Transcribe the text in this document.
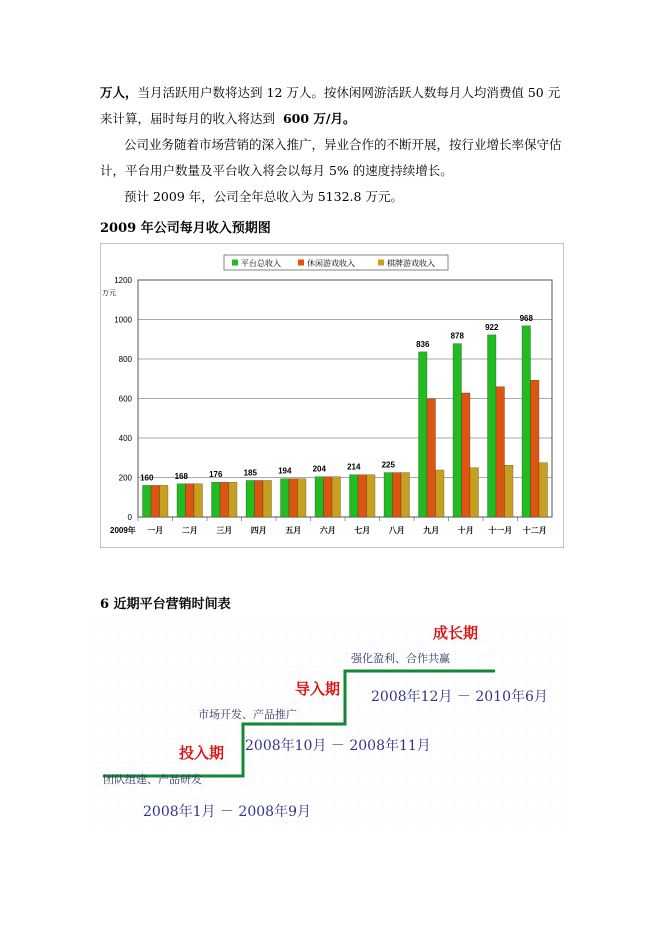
万人，当月活跃用户数将达到 12 万人。按休闲网游活跃人数每月人均消费值 50 元来计算，届时每月的收入将达到 600 万/月。
公司业务随着市场营销的深入推广，异业合作的不断开展，按行业增长率保守估计，平台用户数量及平台收入将会以每月 5% 的速度持续增长。
预计 2009 年，公司全年总收入为 5132.8 万元。
2009 年公司每月收入预期图
0
200
400
600
800
1000
1200
万元
平台总收入	休闲游戏收入	棋牌游戏收入
160
一月
168
二月
176
三月
185
四月
194
五月
204
六月
214
七月
225
八月
836
九月
878
十月
922
十一月
968
十二月
2009年
6 近期平台营销时间表
投入期
团队组建、产品研发
2008年1月 － 2008年9月
导入期
市场开发、产品推广
2008年10月 － 2008年11月
成长期
强化盈利、合作共赢
2008年12月 － 2010年6月
